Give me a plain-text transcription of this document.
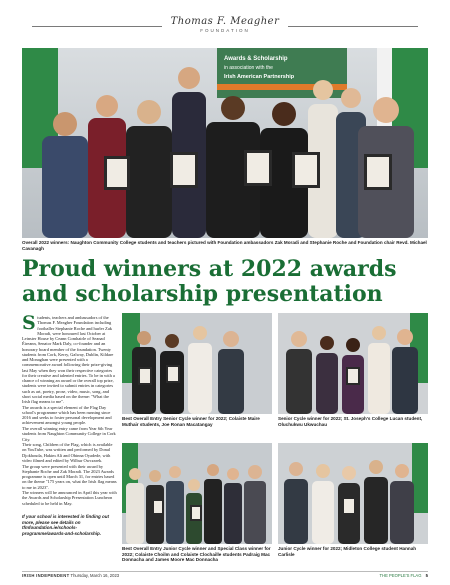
Thomas F. Meagher
FOUNDATION
Awards & Scholarship
in association with the
Irish American Partnership
Overall 2022 winners: Naughton Community College students and teachers pictured with Foundation ambassadors Zak Moradi and Stephanie Roche and Foundation chair Revd. Michael Cavanagh
Proud winners at 2022 awards and scholarship presentation

Students, teachers and ambassadors of the Thomas F. Meagher Foundation including footballer Stephanie Roche and hurler Zak Moradi, were honoured last October at Leinster House by Ceann Comhairle of Seanad Éireann, Senator Mark Daly, co-founder and an honorary board member of the foundation. Twenty students from Cork, Kerry, Galway, Dublin, Kildare and Monaghan were presented with a commemorative award following their prize-giving last May when they won their respective categories for their creative and talented entries. To be in with a chance of winning an award or the overall top prize, students were invited to submit entries in categories such as art, poetry, prose, video, music, song, and short social media based on the theme: "What the Irish flag means to me".

The awards is a special element of the Flag Day school's programme which has been running since 2016 and seeks to foster personal development and achievement amongst young people.

The overall winning entry came from Year 6th Year students from Naughton Community College in Cork City.

Their song, Children of the Flag, which is available on YouTube, was written and performed by Donal Djokhouda, Hakim Ali and Obinna Oyadede, with video filmed and edited by Wilbur Owczarek.

The group were presented with their award by Stephanie Roche and Zak Moradi. The 2023 Awards programme is open until March 31, for entries based on the theme "175 years on, what the Irish flag means to me in 2023".

The winners will be announced in April this year with the Awards and Scholarship Presentation Luncheon scheduled to be held in May.

If your school is interested in finding out more, please see details on tfmfoundation.ie/schools-programme/awards-and-scholarship.

Best Overall Entry Senior Cycle winner for 2022; Colaiste Maire Muthair students, Joe Ronan Macatangay
Senior Cycle winner for 2022; St. Joseph's College Lucan student, Oluchukwu Ukwuchau
Best Overall Entry Junior Cycle winner and Special Class winner for 2022; Colaiste Choilm and Colaiste Clochaille students Padraig Mac Donnacha and James Moore Mac Donnacha
Junior Cycle winner for 2022; Midleton College student Hannah Carlisle
IRISH INDEPENDENT Thursday, March 16, 2023	THE PEOPLE'S FLAG 5
